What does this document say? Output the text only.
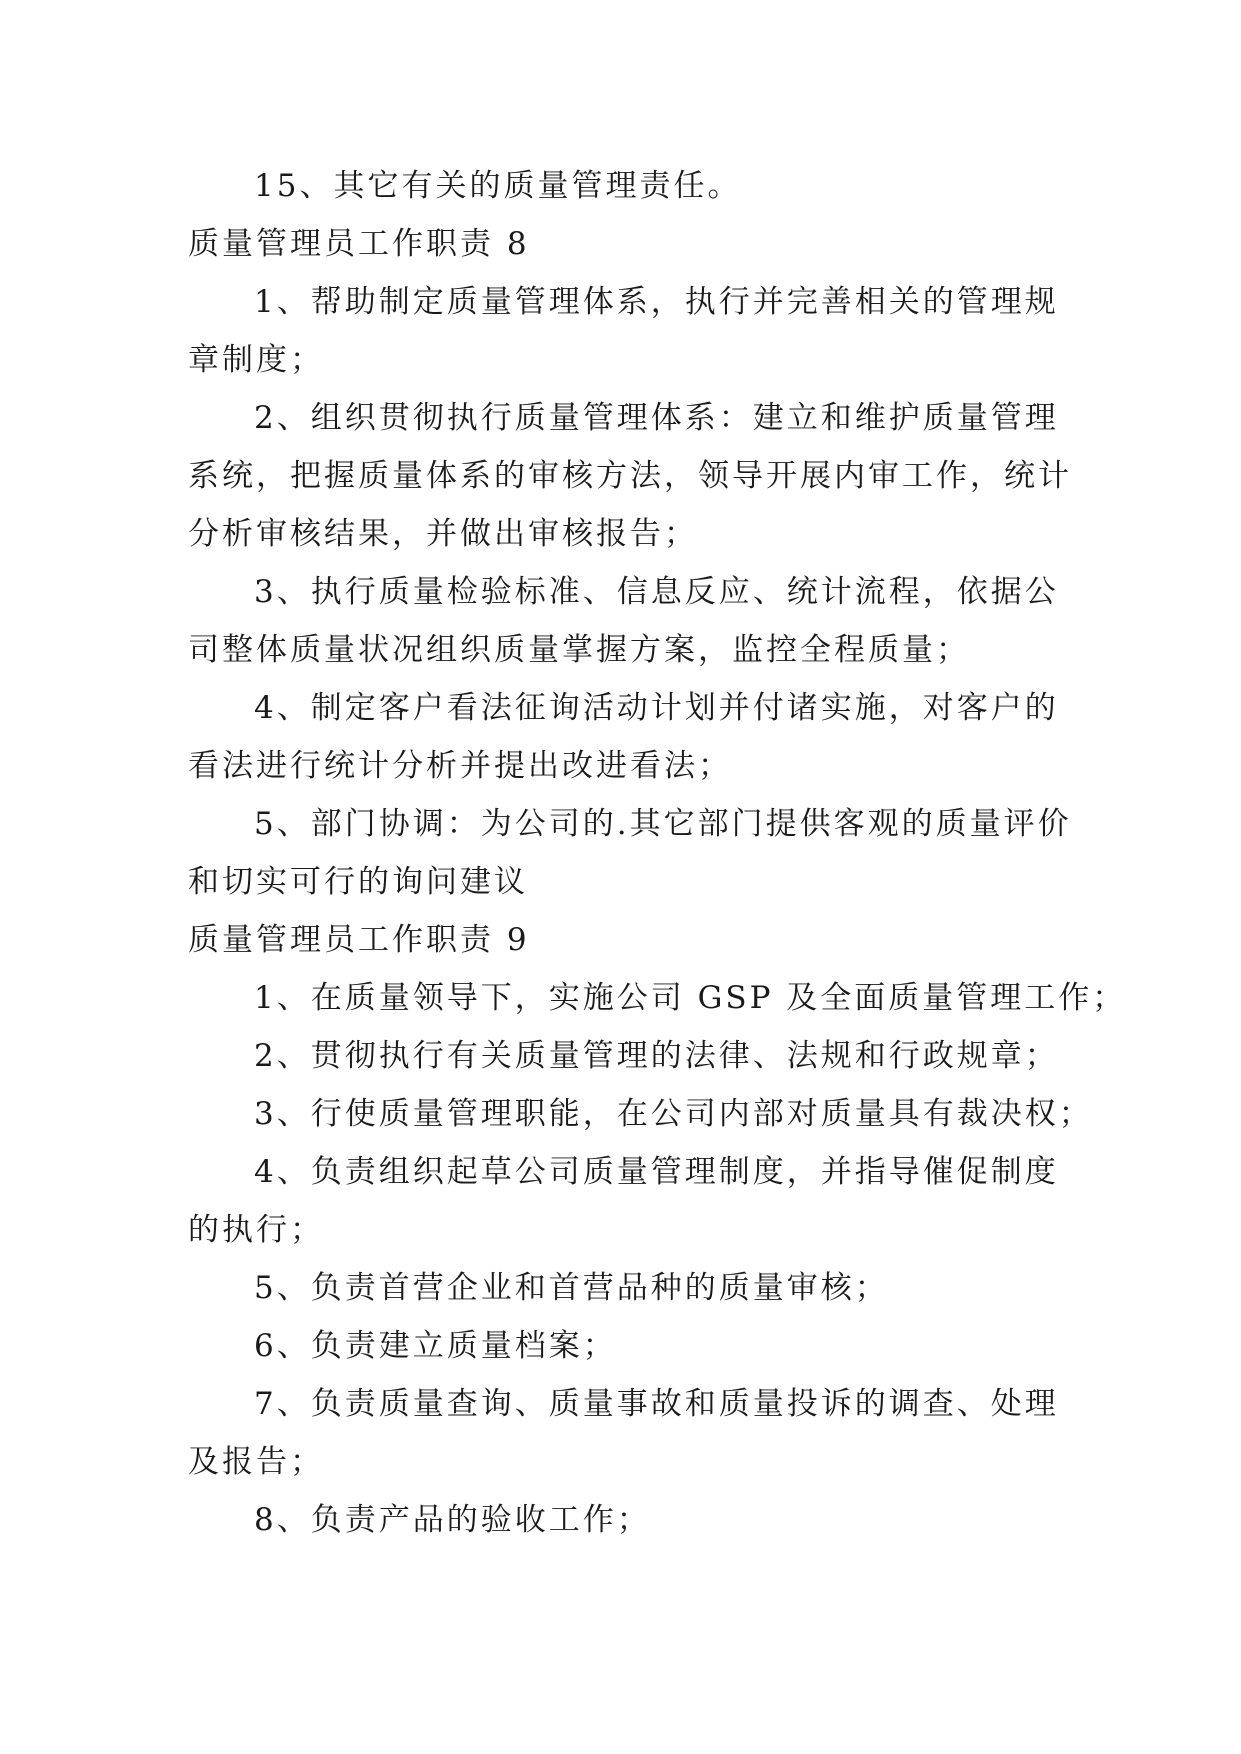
15、其它有关的质量管理责任。
质量管理员工作职责 8
1、帮助制定质量管理体系，执行并完善相关的管理规
章制度；
2、组织贯彻执行质量管理体系：建立和维护质量管理
系统，把握质量体系的审核方法，领导开展内审工作，统计
分析审核结果，并做出审核报告；
3、执行质量检验标准、信息反应、统计流程，依据公
司整体质量状况组织质量掌握方案，监控全程质量；
4、制定客户看法征询活动计划并付诸实施，对客户的
看法进行统计分析并提出改进看法；
5、部门协调：为公司的.其它部门提供客观的质量评价
和切实可行的询问建议
质量管理员工作职责 9
1、在质量领导下，实施公司 GSP 及全面质量管理工作；
2、贯彻执行有关质量管理的法律、法规和行政规章；
3、行使质量管理职能，在公司内部对质量具有裁决权；
4、负责组织起草公司质量管理制度，并指导催促制度
的执行；
5、负责首营企业和首营品种的质量审核；
6、负责建立质量档案；
7、负责质量查询、质量事故和质量投诉的调查、处理
及报告；
8、负责产品的验收工作；
